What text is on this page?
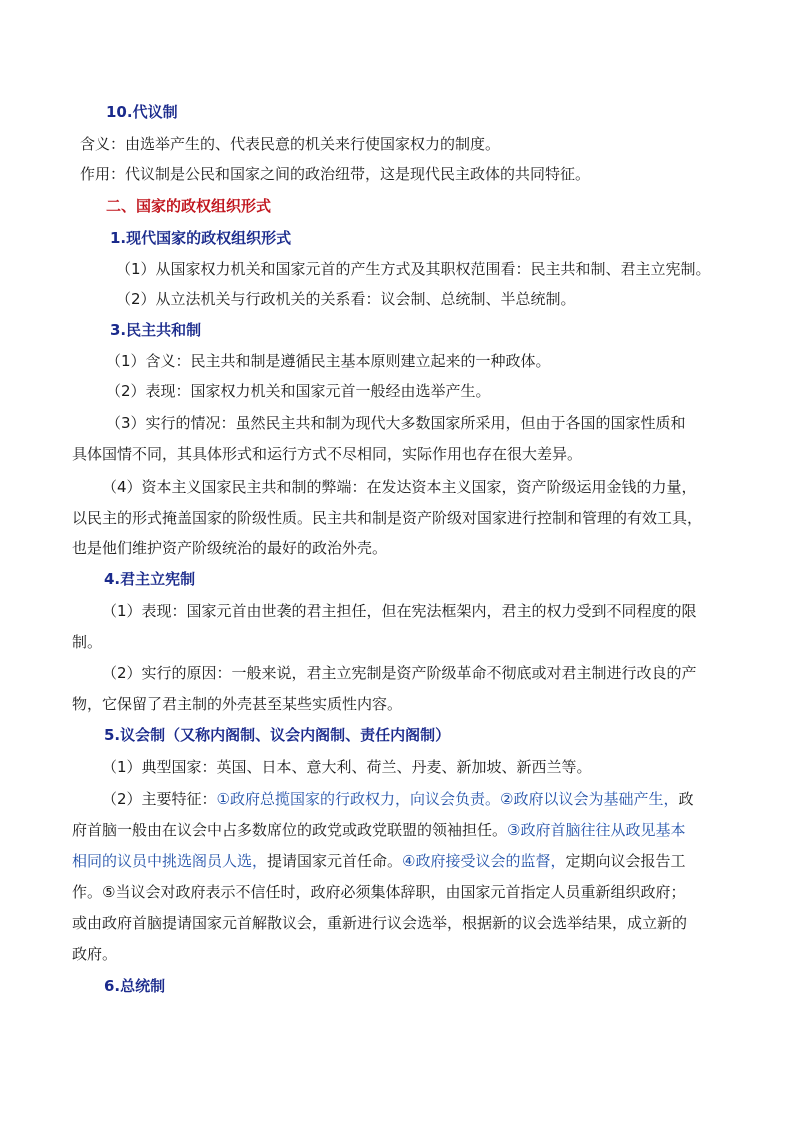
10.代议制
含义：由选举产生的、代表民意的机关来行使国家权力的制度。
作用：代议制是公民和国家之间的政治纽带，这是现代民主政体的共同特征。
二、国家的政权组织形式
1.现代国家的政权组织形式
（1）从国家权力机关和国家元首的产生方式及其职权范围看：民主共和制、君主立宪制。
（2）从立法机关与行政机关的关系看：议会制、总统制、半总统制。
3.民主共和制
（1）含义：民主共和制是遵循民主基本原则建立起来的一种政体。
（2）表现：国家权力机关和国家元首一般经由选举产生。
（3）实行的情况：虽然民主共和制为现代大多数国家所采用，但由于各国的国家性质和
具体国情不同，其具体形式和运行方式不尽相同，实际作用也存在很大差异。
（4）资本主义国家民主共和制的弊端：在发达资本主义国家，资产阶级运用金钱的力量，
以民主的形式掩盖国家的阶级性质。民主共和制是资产阶级对国家进行控制和管理的有效工具，
也是他们维护资产阶级统治的最好的政治外壳。
4.君主立宪制
（1）表现：国家元首由世袭的君主担任，但在宪法框架内，君主的权力受到不同程度的限
制。
（2）实行的原因：一般来说，君主立宪制是资产阶级革命不彻底或对君主制进行改良的产
物，它保留了君主制的外壳甚至某些实质性内容。
5.议会制（又称内阁制、议会内阁制、责任内阁制）
（1）典型国家：英国、日本、意大利、荷兰、丹麦、新加坡、新西兰等。
（2）主要特征：①政府总揽国家的行政权力，向议会负责。②政府以议会为基础产生，政
府首脑一般由在议会中占多数席位的政党或政党联盟的领袖担任。③政府首脑往往从政见基本
相同的议员中挑选阁员人选，提请国家元首任命。④政府接受议会的监督，定期向议会报告工
作。⑤当议会对政府表示不信任时，政府必须集体辞职，由国家元首指定人员重新组织政府；
或由政府首脑提请国家元首解散议会，重新进行议会选举，根据新的议会选举结果，成立新的
政府。
6.总统制
